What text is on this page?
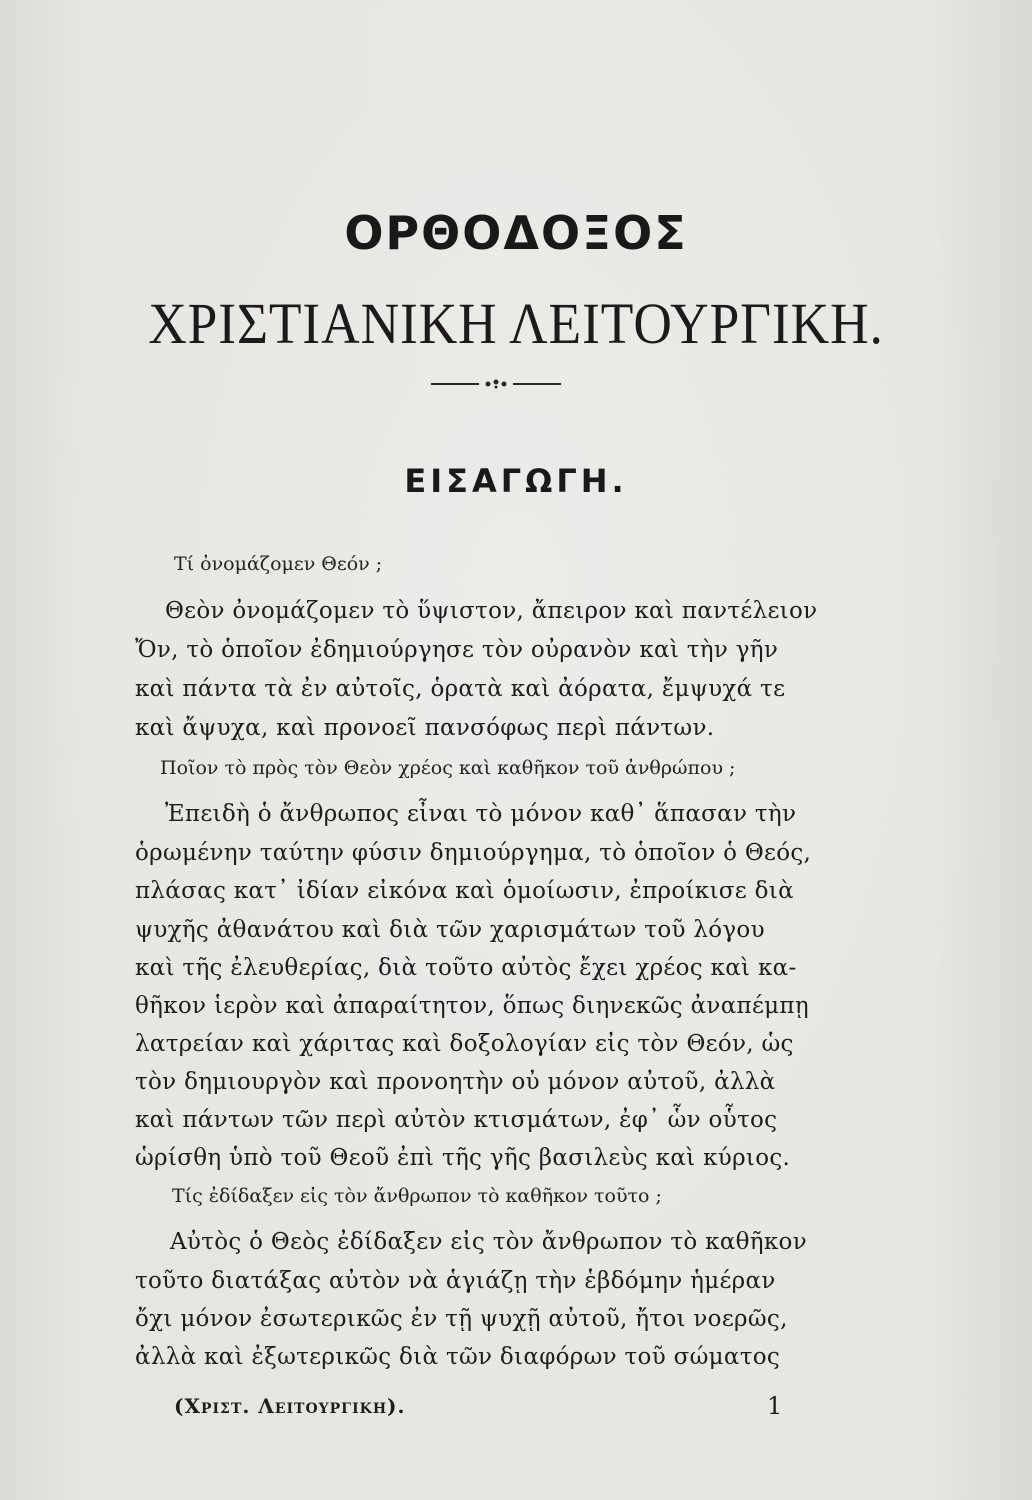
ΟΡΘΟΔΟΞΟΣ
ΧΡΙΣΤΙΑΝΙΚΗ ΛΕΙΤΟΥΡΓΙΚΗ.
ΕΙΣΑΓΩΓΗ.
Τί ὀνομάζομεν Θεόν ;
Θεὸν ὀνομάζομεν τὸ ὕψιστον, ἄπειρον καὶ παντέλειον
Ὄν, τὸ ὁποῖον ἐδημιούργησε τὸν οὐρανὸν καὶ τὴν γῆν
καὶ πάντα τὰ ἐν αὐτοῖς, ὁρατὰ καὶ ἀόρατα, ἔμψυχά τε
καὶ ἄψυχα, καὶ προνοεῖ πανσόφως περὶ πάντων.
Ποῖον τὸ πρὸς τὸν Θεὸν χρέος καὶ καθῆκον τοῦ ἀνθρώπου ;
Ἐπειδὴ ὁ ἄνθρωπος εἶναι τὸ μόνον καθ᾽ ἅπασαν τὴν
ὁρωμένην ταύτην φύσιν δημιούργημα, τὸ ὁποῖον ὁ Θεός,
πλάσας κατ᾽ ἰδίαν εἰκόνα καὶ ὁμοίωσιν, ἐπροίκισε διὰ
ψυχῆς ἀθανάτου καὶ διὰ τῶν χαρισμάτων τοῦ λόγου
καὶ τῆς ἐλευθερίας, διὰ τοῦτο αὐτὸς ἔχει χρέος καὶ κα-
θῆκον ἱερὸν καὶ ἀπαραίτητον, ὅπως διηνεκῶς ἀναπέμπῃ
λατρείαν καὶ χάριτας καὶ δοξολογίαν εἰς τὸν Θεόν, ὡς
τὸν δημιουργὸν καὶ προνοητὴν οὐ μόνον αὐτοῦ, ἀλλὰ
καὶ πάντων τῶν περὶ αὐτὸν κτισμάτων, ἐφ᾽ ὧν οὗτος
ὡρίσθη ὑπὸ τοῦ Θεοῦ ἐπὶ τῆς γῆς βασιλεὺς καὶ κύριος.
Τίς ἐδίδαξεν εἰς τὸν ἄνθρωπον τὸ καθῆκον τοῦτο ;
Αὐτὸς ὁ Θεὸς ἐδίδαξεν εἰς τὸν ἄνθρωπον τὸ καθῆκον
τοῦτο διατάξας αὐτὸν νὰ ἁγιάζῃ τὴν ἑβδόμην ἡμέραν
ὄχι μόνον ἐσωτερικῶς ἐν τῇ ψυχῇ αὐτοῦ, ἤτοι νοερῶς,
ἀλλὰ καὶ ἐξωτερικῶς διὰ τῶν διαφόρων τοῦ σώματος
(Χριστ. Λειτουργικη).	1
